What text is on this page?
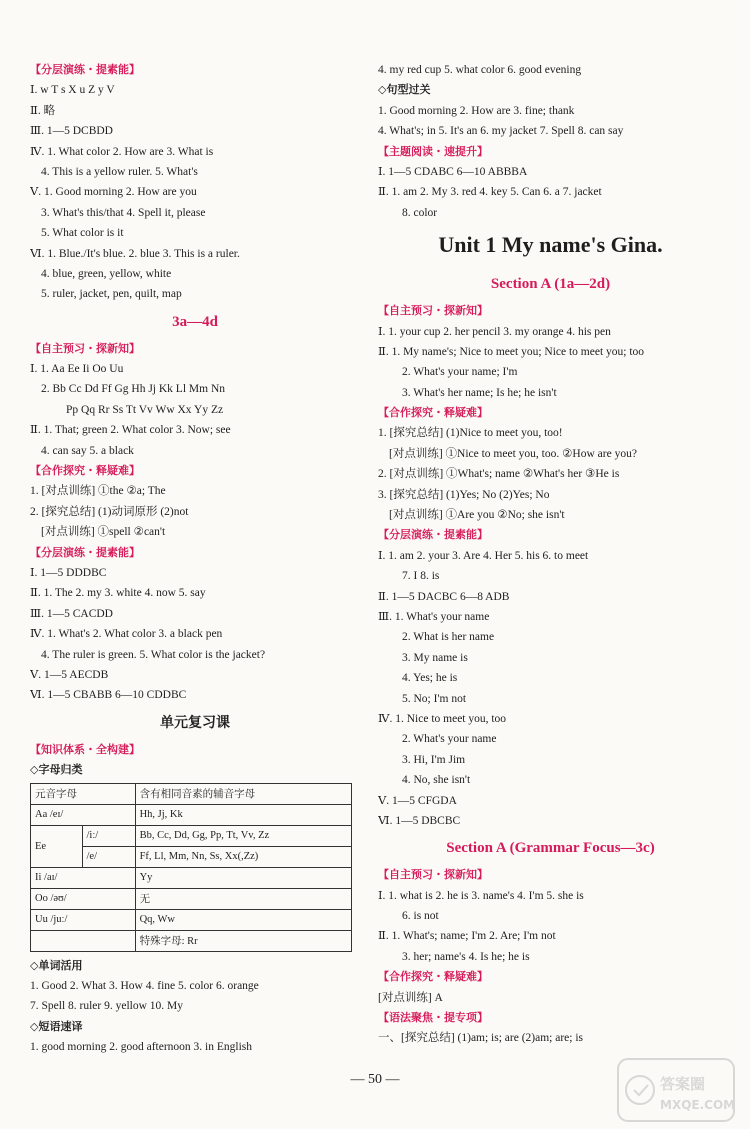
【分层演练・提素能】
Ⅰ. w T s X u Z y V
Ⅱ. 略
Ⅲ. 1—5 DCBDD
Ⅳ. 1. What color 2. How are 3. What is
4. This is a yellow ruler. 5. What's
Ⅴ. 1. Good morning 2. How are you
3. What's this/that 4. Spell it, please
5. What color is it
Ⅵ. 1. Blue./It's blue. 2. blue 3. This is a ruler.
4. blue, green, yellow, white
5. ruler, jacket, pen, quilt, map
3a—4d
【自主预习・探新知】
Ⅰ. 1. Aa Ee Ii Oo Uu
2. Bb Cc Dd Ff Gg Hh Jj Kk Ll Mm Nn
Pp Qq Rr Ss Tt Vv Ww Xx Yy Zz
Ⅱ. 1. That; green 2. What color 3. Now; see
4. can say 5. a black
【合作探究・释疑难】
1. [对点训练] ①the ②a; The
2. [探究总结] (1)动词原形 (2)not
[对点训练] ①spell ②can't
【分层演练・提素能】
Ⅰ. 1—5 DDDBC
Ⅱ. 1. The 2. my 3. white 4. now 5. say
Ⅲ. 1—5 CACDD
Ⅳ. 1. What's 2. What color 3. a black pen
4. The ruler is green. 5. What color is the jacket?
Ⅴ. 1—5 AECDB
Ⅵ. 1—5 CBABB 6—10 CDDBC
单元复习课
【知识体系・全构建】
◇字母归类
元音字母		含有相同音素的辅音字母
Aa /eɪ/		Hh, Jj, Kk
Ee	/iː/	Bb, Cc, Dd, Gg, Pp, Tt, Vv, Zz
	/e/	Ff, Ll, Mm, Nn, Ss, Xx(,Zz)
Ii /aɪ/		Yy
Oo /əʊ/		无
Uu /juː/		Qq, Ww
		特殊字母: Rr
◇单词活用
1. Good 2. What 3. How 4. fine 5. color 6. orange
7. Spell 8. ruler 9. yellow 10. My
◇短语速译
1. good morning 2. good afternoon 3. in English
4. my red cup 5. what color 6. good evening
◇句型过关
1. Good morning 2. How are 3. fine; thank
4. What's; in 5. It's an 6. my jacket 7. Spell 8. can say
【主题阅读・速提升】
Ⅰ. 1—5 CDABC 6—10 ABBBA
Ⅱ. 1. am 2. My 3. red 4. key 5. Can 6. a 7. jacket
8. color
Unit 1 My name's Gina.
Section A (1a—2d)
【自主预习・探新知】
Ⅰ. 1. your cup 2. her pencil 3. my orange 4. his pen
Ⅱ. 1. My name's; Nice to meet you; Nice to meet you; too
2. What's your name; I'm
3. What's her name; Is he; he isn't
【合作探究・释疑难】
1. [探究总结] (1)Nice to meet you, too!
[对点训练] ①Nice to meet you, too. ②How are you?
2. [对点训练] ①What's; name ②What's her ③He is
3. [探究总结] (1)Yes; No (2)Yes; No
[对点训练] ①Are you ②No; she isn't
【分层演练・提素能】
Ⅰ. 1. am 2. your 3. Are 4. Her 5. his 6. to meet
7. I 8. is
Ⅱ. 1—5 DACBC 6—8 ADB
Ⅲ. 1. What's your name
2. What is her name
3. My name is
4. Yes; he is
5. No; I'm not
Ⅳ. 1. Nice to meet you, too
2. What's your name
3. Hi, I'm Jim
4. No, she isn't
Ⅴ. 1—5 CFGDA
Ⅵ. 1—5 DBCBC
Section A (Grammar Focus—3c)
【自主预习・探新知】
Ⅰ. 1. what is 2. he is 3. name's 4. I'm 5. she is
6. is not
Ⅱ. 1. What's; name; I'm 2. Are; I'm not
3. her; name's 4. Is he; he is
【合作探究・释疑难】
[对点训练] A
【语法聚焦・提专项】
一、[探究总结] (1)am; is; are (2)am; are; is
— 50 —	答案圈
MXQE.COM
